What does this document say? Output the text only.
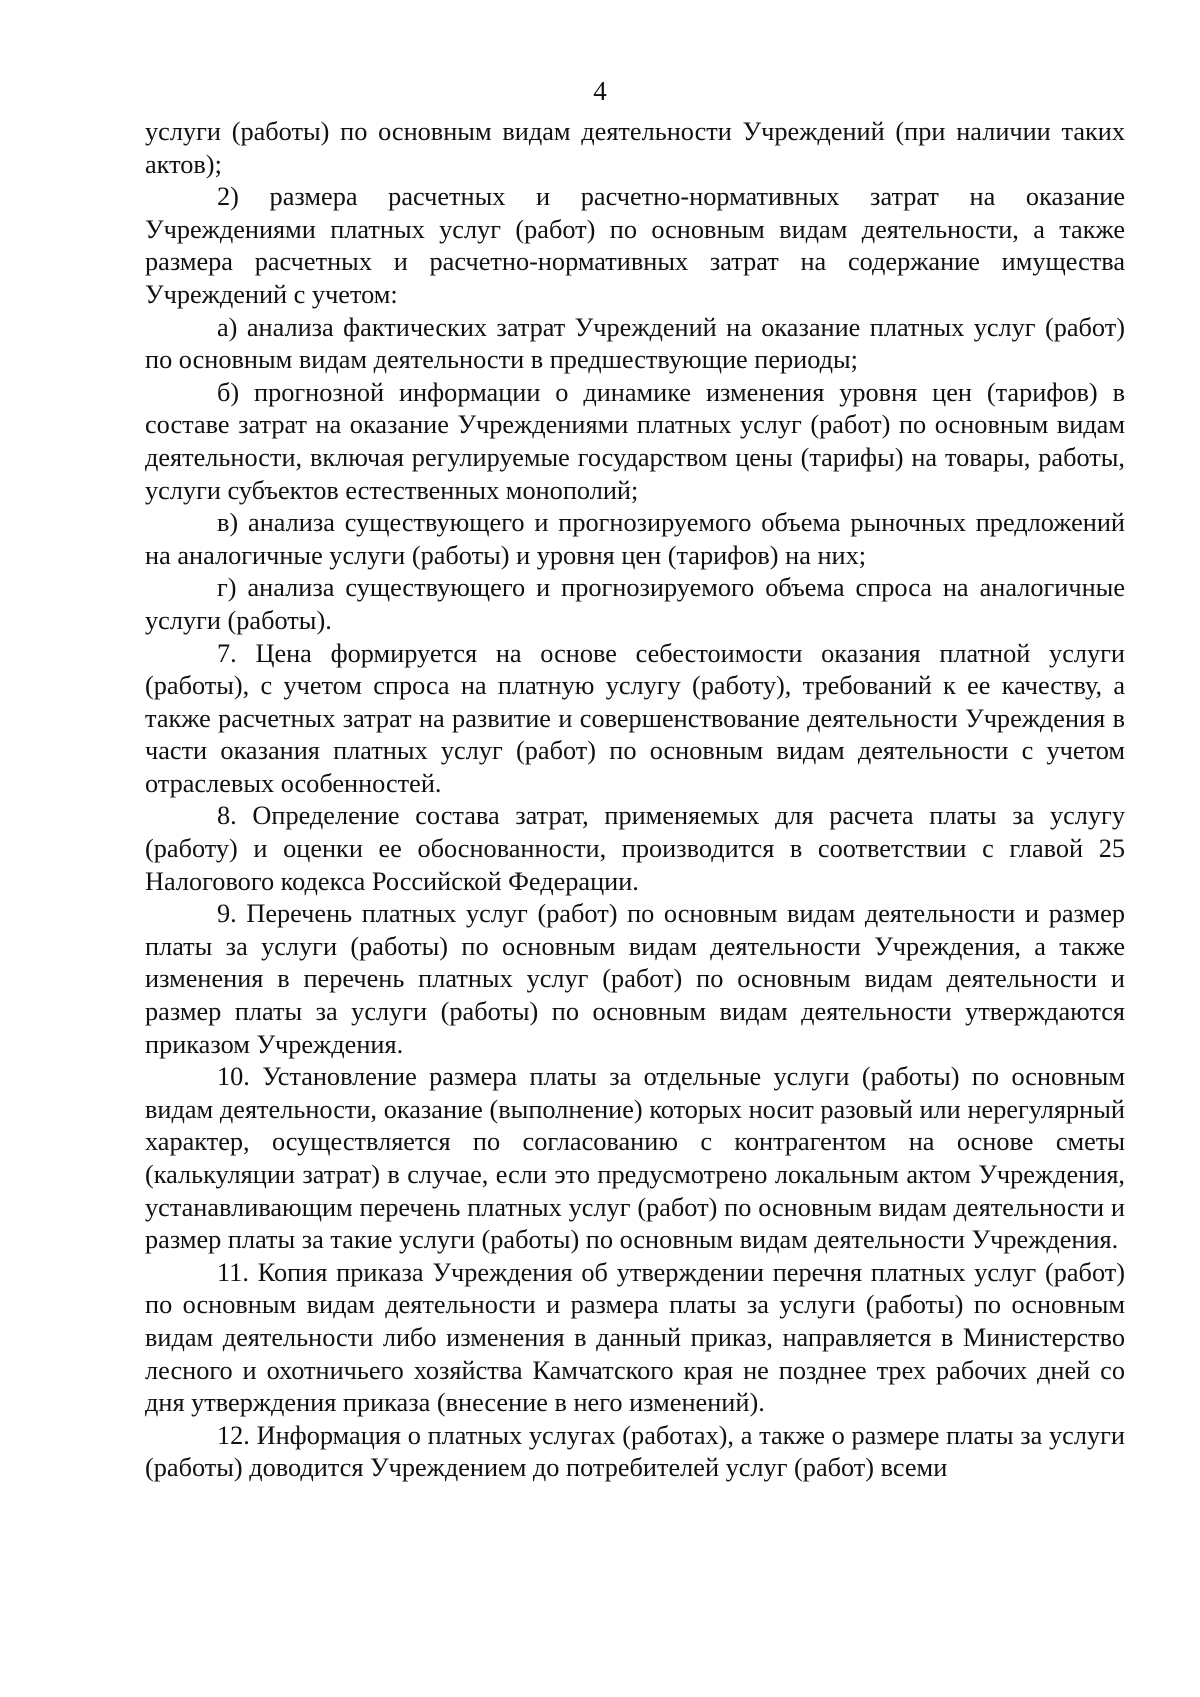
4

услуги (работы) по основным видам деятельности Учреждений (при наличии таких актов);

2) размера расчетных и расчетно-нормативных затрат на оказание Учреждениями платных услуг (работ) по основным видам деятельности, а также размера расчетных и расчетно-нормативных затрат на содержание имущества Учреждений с учетом:

а) анализа фактических затрат Учреждений на оказание платных услуг (работ) по основным видам деятельности в предшествующие периоды;

б) прогнозной информации о динамике изменения уровня цен (тарифов) в составе затрат на оказание Учреждениями платных услуг (работ) по основным видам деятельности, включая регулируемые государством цены (тарифы) на товары, работы, услуги субъектов естественных монополий;

в) анализа существующего и прогнозируемого объема рыночных предложений на аналогичные услуги (работы) и уровня цен (тарифов) на них;

г) анализа существующего и прогнозируемого объема спроса на аналогичные услуги (работы).

7. Цена формируется на основе себестоимости оказания платной услуги (работы), с учетом спроса на платную услугу (работу), требований к ее качеству, а также расчетных затрат на развитие и совершенствование деятельности Учреждения в части оказания платных услуг (работ) по основным видам деятельности с учетом отраслевых особенностей.

8. Определение состава затрат, применяемых для расчета платы за услугу (работу) и оценки ее обоснованности, производится в соответствии с главой 25 Налогового кодекса Российской Федерации.

9. Перечень платных услуг (работ) по основным видам деятельности и размер платы за услуги (работы) по основным видам деятельности Учреждения, а также изменения в перечень платных услуг (работ) по основным видам деятельности и размер платы за услуги (работы) по основным видам деятельности утверждаются приказом Учреждения.

10. Установление размера платы за отдельные услуги (работы) по основным видам деятельности, оказание (выполнение) которых носит разовый или нерегулярный характер, осуществляется по согласованию с контрагентом на основе сметы (калькуляции затрат) в случае, если это предусмотрено локальным актом Учреждения, устанавливающим перечень платных услуг (работ) по основным видам деятельности и размер платы за такие услуги (работы) по основным видам деятельности Учреждения.

11. Копия приказа Учреждения об утверждении перечня платных услуг (работ) по основным видам деятельности и размера платы за услуги (работы) по основным видам деятельности либо изменения в данный приказ, направляется в Министерство лесного и охотничьего хозяйства Камчатского края не позднее трех рабочих дней со дня утверждения приказа (внесение в него изменений).

12. Информация о платных услугах (работах), а также о размере платы за услуги (работы) доводится Учреждением до потребителей услуг (работ) всеми
